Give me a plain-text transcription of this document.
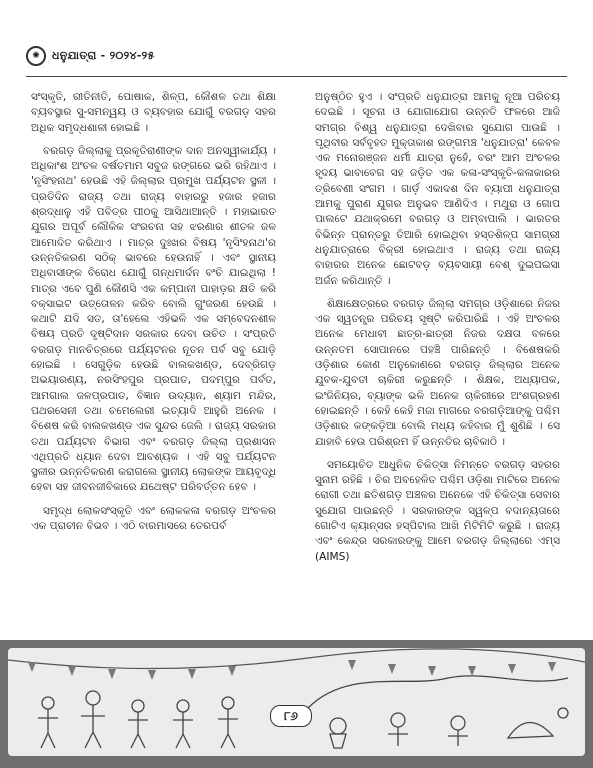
✺	ଧନୁଯାତ୍ରା - ୨୦୨୪-୨୫

ସଂସ୍କୃତି, ରୀତିନୀତି, ପୋଷାକ, ଶିଳ୍ପ, କୌଶଳ ତଥା ଶିକ୍ଷା ବ୍ୟବସ୍ଥାର ସୁ-ସମନ୍ୱୟ ଓ ବ୍ୟବହାର ଯୋଗୁଁ ବରଗଡ଼ ସହର ଅଧିକ ସମୃଦ୍ଧଶାଳୀ ହୋଇଛି ।

ବରଗଡ଼ ଜିଲ୍ଲାକୁ ପ୍ରକୃତିରାଣୀଙ୍କ ଦାନ ଅନସ୍ୱୀକାର୍ଯ୍ୟ । ଅଧିକାଂଶ ଅଂଚଳ ବର୍ଷତମାମ ସବୁଜ ରଙ୍ଗରେ ଭରି ରହିଥାଏ । 'ନୃସିଂହନାଥ' ହେଉଛି ଏହି ଜିଲ୍ଲାର ପ୍ରମୁଖ ପର୍ଯ୍ୟଟନ ସ୍ଥଳୀ । ପ୍ରତିଦିନ ରାଜ୍ୟ ତଥା ରାଜ୍ୟ ବାହାରରୁ ହଜାର ହଜାର ଶ୍ରଦ୍ଧାଳୁ ଏହି ପବିତ୍ର ପୀଠକୁ ଆସିଥାଆନ୍ତି । ମହାଭାରତ ଯୁଗର ଅପୂର୍ବ ଲୌକିକ ସଂରଚନା ସହ ଝରଣାର ଶୀତଳ ଜଳ ଆମୋଦିତ କରିଥାଏ । ମାତ୍ର ଦୁଃଖର ବିଷୟ 'ନୃସିଂହନାଥ'ର ଉନ୍ନତିକରଣ ସଠିକ୍ ଭାବରେ ହେଉନାହିଁ । ଏବଂ ସ୍ଥାନୀୟ ଅଧିବାସୀଙ୍କ ବିରୋଧ ଯୋଗୁଁ ଗନ୍ଧମାର୍ଦନ ବଂଚି ଯାଇଥିଲା ! ମାତ୍ର ଏବେ ପୁଣି କୌଣସି ଏକ କମ୍ପାନୀ ପାହାଡ଼ର କ୍ଷତି କରି ବକ୍ସାଇଟ ଉତ୍ତୋଳନ କରିବ ବୋଲି ଗୁଂଜରଣ ହେଉଛି । କଥାଟି ଯଦି ସତ, ତା'ହେଲେ ଏହିଭଳି ଏକ ସମ୍ବେଦନଶୀଳ ବିଷୟ ପ୍ରତି ଦୃଷ୍ଟିଦାନ ସରକାର ଦେବା ଉଚିତ । ସଂପ୍ରତି ବରଗଡ଼ ମାନଚିତ୍ରରେ ପର୍ଯ୍ୟଟନର ନୂତନ ପର୍ବ ସବୁ ଯୋଡ଼ି ହୋଇଛି । ସେଗୁଡ଼ିକ ହେଉଛି ବାଲକଖଣ୍ଡ, ଦେବ୍ରିଗଡ଼ ଅଭୟାରଣ୍ୟ, ନରସିଂହପୁର ପ୍ରପାତ, ପଦମ୍ପୁର ପର୍ବତ, ଆମଗାଲ ଜଳପ୍ରପାତ, ବିଜ୍ଞାନ ଉଦ୍ୟାନ, ଶ୍ୟାମ ମନ୍ଦିର, ପଥରସେନୀ ତଥା ଚମେଲେରୀ ଇତ୍ୟାଦି ଆହୁରି ଅନେକ । ବିଶେଷ କରି ବାଲକଖଣ୍ଡ ଏକ ସୁନ୍ଦର ଜେଲି । ରାଜ୍ୟ ସରକାର ତଥା ପର୍ଯ୍ୟଟନ ବିଭାଗ ଏବଂ ବରଗଡ଼ ଜିଲ୍ଲା ପ୍ରଶାସନ ଏଥିପ୍ରତି ଧ୍ୟାନ ଦେବା ଆବଶ୍ୟକ । ଏହି ସବୁ ପର୍ଯ୍ୟଟନ ସ୍ଥଳୀର ଉନ୍ନତିକରଣ କରାଗଲେ ସ୍ଥାନୀୟ ଲୋକଙ୍କ ଆୟବୃଦ୍ଧି ହେବା ସହ ଜୀବନଜୀବିକାରେ ଯଥେଷ୍ଟ ପରିବର୍ତ୍ତନ ହେବ ।

ସମୃଦ୍ଧ ଲୋକସଂସ୍କୃତି ଏବଂ ଲୋକକଳା ବରଗଡ଼ ଅଂଚଳର ଏକ ପ୍ରାଚୀନ ବିଭବ । ଏଠି ବାରମାସରେ ତେରପର୍ବ

ଅନୁଷ୍ଠିତ ହୁଏ । ସଂପ୍ରତି ଧନୁଯାତ୍ରା ଆମକୁ ନୂଆ ପରିଚୟ ଦେଇଛି । ସୂଚନା ଓ ଯୋଗାଯୋଗ ଉନ୍ନତି ଫଳରେ ଆଜି ସମଗ୍ର ବିଶ୍ୱ ଧନୁଯାତ୍ରା ଦେଖିବାର ସୁଯୋଗ ପାଉଛି । ପୃଥିବୀର ସର୍ବବୃହତ ମୁକ୍ତାକାଶ ରଙ୍ଗମଞ୍ଚ 'ଧନୁଯାତ୍ରା' କେବଳ ଏକ ମନୋରଞ୍ଜନ ଧର୍ମୀ ଯାତ୍ରା ନୁହେଁ, ବରଂ ଆମ ଅଂଚଳର ହୃଦୟ ଭାବାବେଗ ସହ ଜଡ଼ିତ ଏକ କଳା-ସଂସ୍କୃତି-କଳାକାରର ତ୍ରିବେଣୀ ସଂଗମ । ଗାର୍ଡ଼ ଏକାଦଶ ଦିନ ବ୍ୟାପୀ ଧନୁଯାତ୍ରା ଆମକୁ ପୁରାଣ ଯୁଗର ଅନୁଭବ ଆଣିଦିଏ । ମଥୁରା ଓ ଗୋପ ପାଲଟେ ଯଥାକ୍ରମେ ବରଗଡ଼ ଓ ଅମ୍ବାପାଲି । ଭାରତର ବିଭିନ୍ନ ପ୍ରାନ୍ତରୁ ତିଆରି ହୋଇଥିବା ହସ୍ତଶିଳ୍ପ ସାମଗ୍ରୀ ଧନୁଯାତ୍ରାରେ ବିକ୍ରୀ ହୋଇଥାଏ । ରାଜ୍ୟ ତଥା ରାଜ୍ୟ ବାହାରର ଅନେକ ଛୋଟବଡ଼ ବ୍ୟବସାୟୀ ବେଶ୍ ଦୁଇପଇସା ଅର୍ଜନ କରିଥାନ୍ତି ।

ଶିକ୍ଷାକ୍ଷେତ୍ରରେ ବରଗଡ଼ ଜିଲ୍ଲା ସମଗ୍ର ଓଡ଼ିଶାରେ ନିଜର ଏକ ସ୍ୱତନ୍ତ୍ର ପରିଚୟ ସୃଷ୍ଟି କରିପାରିଛି । ଏହି ଅଂଚଳର ଅନେକ ମେଧାବୀ ଛାତ୍ର-ଛାତ୍ରୀ ନିଜର ଦକ୍ଷତା ବଳରେ ଉନ୍ନତମ ସୋପାନରେ ପହଞ୍ଚି ପାରିଛନ୍ତି । ବିଶେଷକରି ଓଡ଼ିଶାର କୋଣ ଅନୁକୋଣରେ ବରଗଡ଼ ଜିଲ୍ଲାର ଅନେକ ଯୁବକ-ଯୁବତୀ ଚାକିରୀ କରୁଛନ୍ତି । ଶିକ୍ଷକ, ଅଧ୍ୟାପକ, ଇଂଜିନିୟର, ବ୍ୟାଙ୍କ ଭଳି ଅନେକ ଚାକିରୀରେ ଅଂଶଗ୍ରହଣ ହୋଇଛନ୍ତି । କେହି କେହି ମଜା ମାଗରେ ବରଗଡ଼ିଆଙ୍କୁ ପଶ୍ଚିମ ଓଡ଼ିଶାର କଙ୍କଡ଼ିଆ ବୋଲି ମଧ୍ୟ କହିବାର ମୁଁ ଶୁଣିଛି । ସେ ଯାହାବି ହେଉ ପରିଶ୍ରମ ହିଁ ଉନ୍ନତିର ଚାବିକାଠି ।

ସମୟୋଚିତ ଆଧୁନିକ ଚିକିତ୍ସା ନିମନ୍ତେ ବରଗଡ଼ ସହରର ସୁନାମ ରହିଛି । ଚିର ଅବହେଳିତ ପଶ୍ଚିମ ଓଡ଼ିଶା ମାଟିରେ ଅନେକ ରୋଗୀ ତଥା ଛତିଶଗଡ଼ ଅଞ୍ଚଳର ଅନେକେ ଏହି ଚିକିତ୍ସା ସେବାର ସୁଯୋଗ ପାଉଛନ୍ତି । ସରକାରଙ୍କ ସ୍ୱଳ୍ପ ବଦାନ୍ୟତାରେ ଗୋଟିଏ କ୍ୟାନ୍ସର ହସ୍ପିଟାଲ ଆଖି ମିଟିମିଟି କରୁଛି । ରାଜ୍ୟ ଏବଂ କେନ୍ଦ୍ର ସରକାରଙ୍କୁ ଆମେ ବରଗଡ଼ ଜିଲ୍ଲାରେ ଏମ୍ସ (AIMS)

୮୬
